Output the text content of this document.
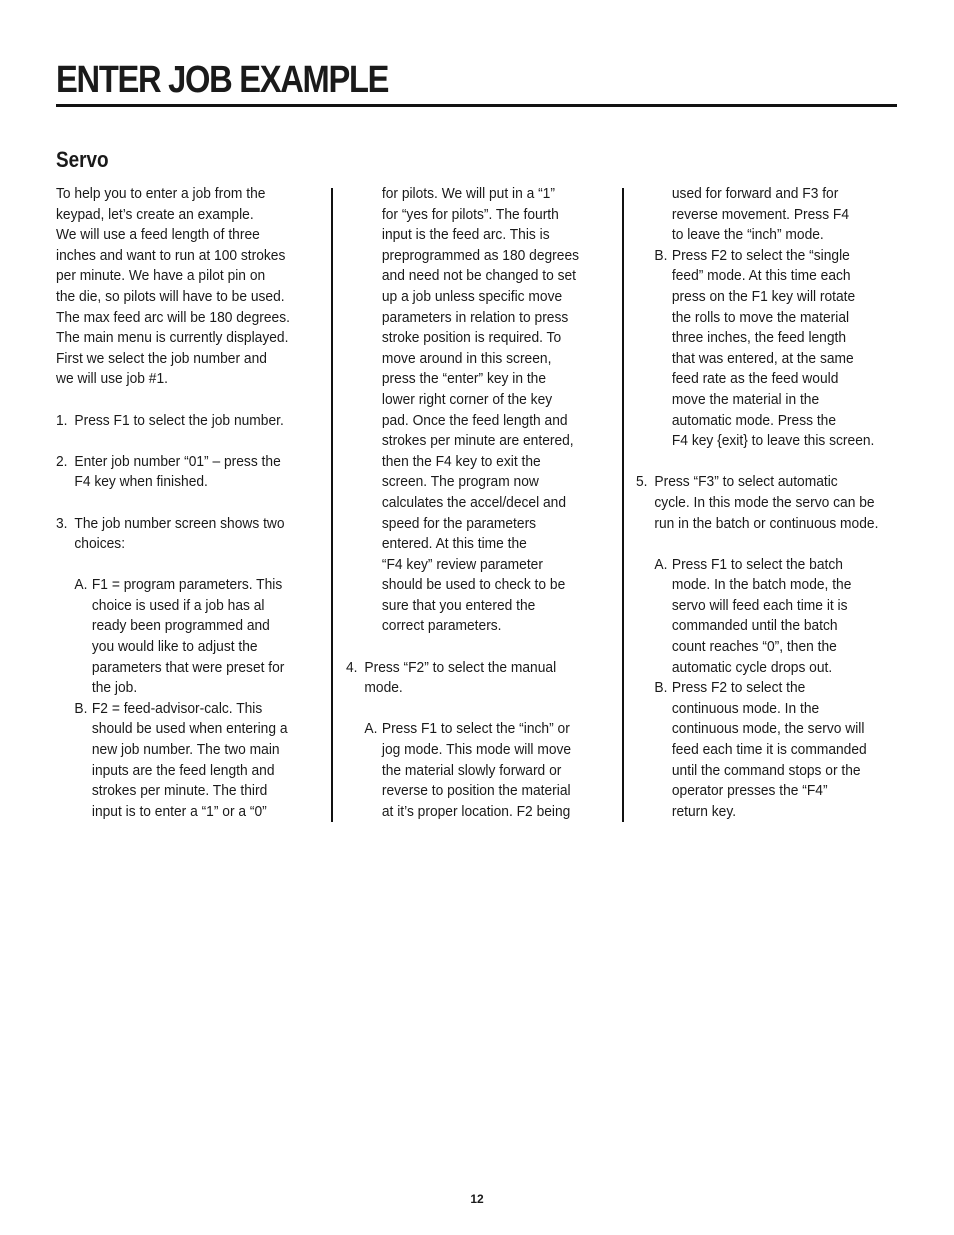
ENTER JOB EXAMPLE
Servo

To help you to enter a job from the

keypad, let’s create an example.

We will use a feed length of three

inches and want to run at 100 strokes

per minute. We have a pilot pin on

the die, so pilots will have to be used.

The max feed arc will be 180 degrees.

The main menu is currently displayed.

First we select the job number and

we will use job #1.

1. Press F1 to select the job number.

2. Enter job number “01” – press the

F4 key when finished.

3. The job number screen shows two

choices:

A. F1 = program parameters. This

choice is used if a job has al

ready been programmed and

you would like to adjust the

parameters that were preset for

the job.

B. F2 = feed-advisor-calc. This

should be used when entering a

new job number. The two main

inputs are the feed length and

strokes per minute. The third

input is to enter a “1” or a “0”

for pilots. We will put in a “1”

for “yes for pilots”. The fourth

input is the feed arc. This is

preprogrammed as 180 degrees

and need not be changed to set

up a job unless specific move

parameters in relation to press

stroke position is required. To

move around in this screen,

press the “enter” key in the

lower right corner of the key

pad. Once the feed length and

strokes per minute are entered,

then the F4 key to exit the

screen. The program now

calculates the accel/decel and

speed for the parameters

entered. At this time the

“F4 key” review parameter

should be used to check to be

sure that you entered the

correct parameters.

4. Press “F2” to select the manual

mode.

A. Press F1 to select the “inch” or

jog mode. This mode will move

the material slowly forward or

reverse to position the material

at it’s proper location. F2 being

used for forward and F3 for

reverse movement. Press F4

to leave the “inch” mode.

B. Press F2 to select the “single

feed” mode. At this time each

press on the F1 key will rotate

the rolls to move the material

three inches, the feed length

that was entered, at the same

feed rate as the feed would

move the material in the

automatic mode. Press the

F4 key {exit} to leave this screen.

5. Press “F3” to select automatic

cycle. In this mode the servo can be

run in the batch or continuous mode.

A. Press F1 to select the batch

mode. In the batch mode, the

servo will feed each time it is

commanded until the batch

count reaches “0”, then the

automatic cycle drops out.

B. Press F2 to select the

continuous mode. In the

continuous mode, the servo will

feed each time it is commanded

until the command stops or the

operator presses the “F4”

return key.

12
